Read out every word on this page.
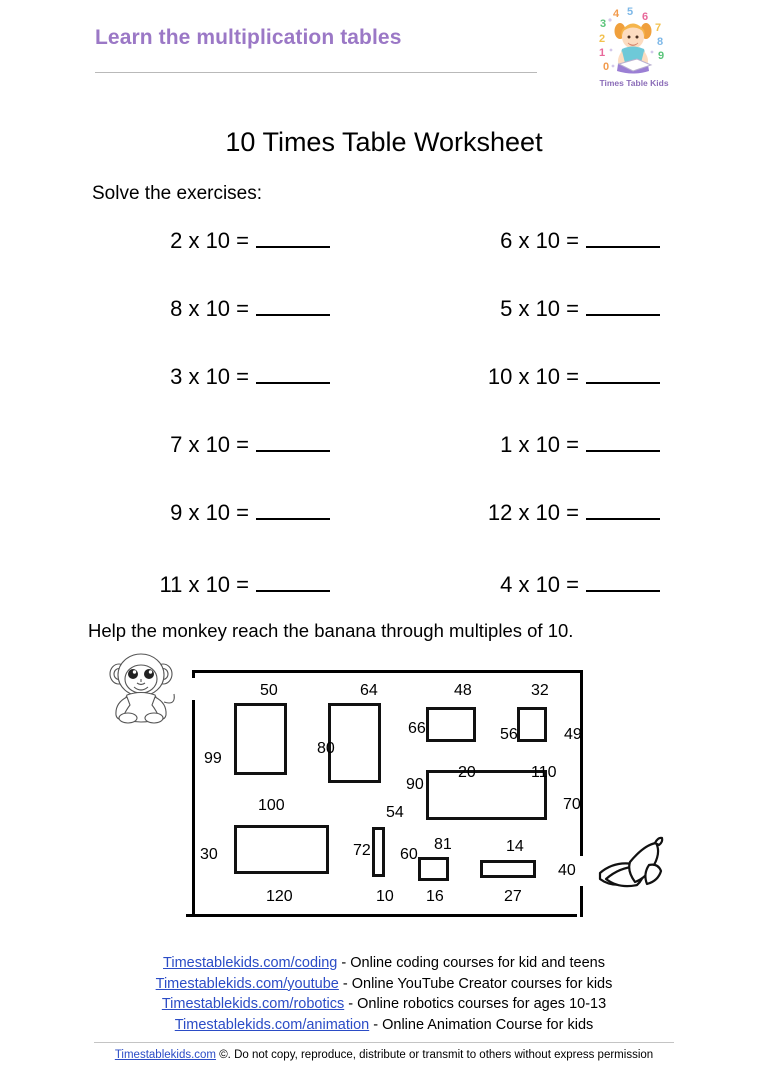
Learn the multiplication tables
3
4 5 6
7
8
9
2
1
0
Times Table Kids
10 Times Table Worksheet
Solve the exercises:
2 x 10 =	6 x 10 =
8 x 10 =	5 x 10 =
3 x 10 =	10 x 10 =
7 x 10 =	1 x 10 =
9 x 10 =	12 x 10 =
11 x 10 =	4 x 10 =
Help the monkey reach the banana through multiples of 10.
50	64	48	32
99
80
66	56	49
20	110
100
90
70
54
30	72 60
81	14
40
120	10 16	27
Timestablekids.com/coding - Online coding courses for kid and teens
Timestablekids.com/youtube - Online YouTube Creator courses for kids
Timestablekids.com/robotics - Online robotics courses for ages 10-13
Timestablekids.com/animation - Online Animation Course for kids
Timestablekids.com ©. Do not copy, reproduce, distribute or transmit to others without express permission
